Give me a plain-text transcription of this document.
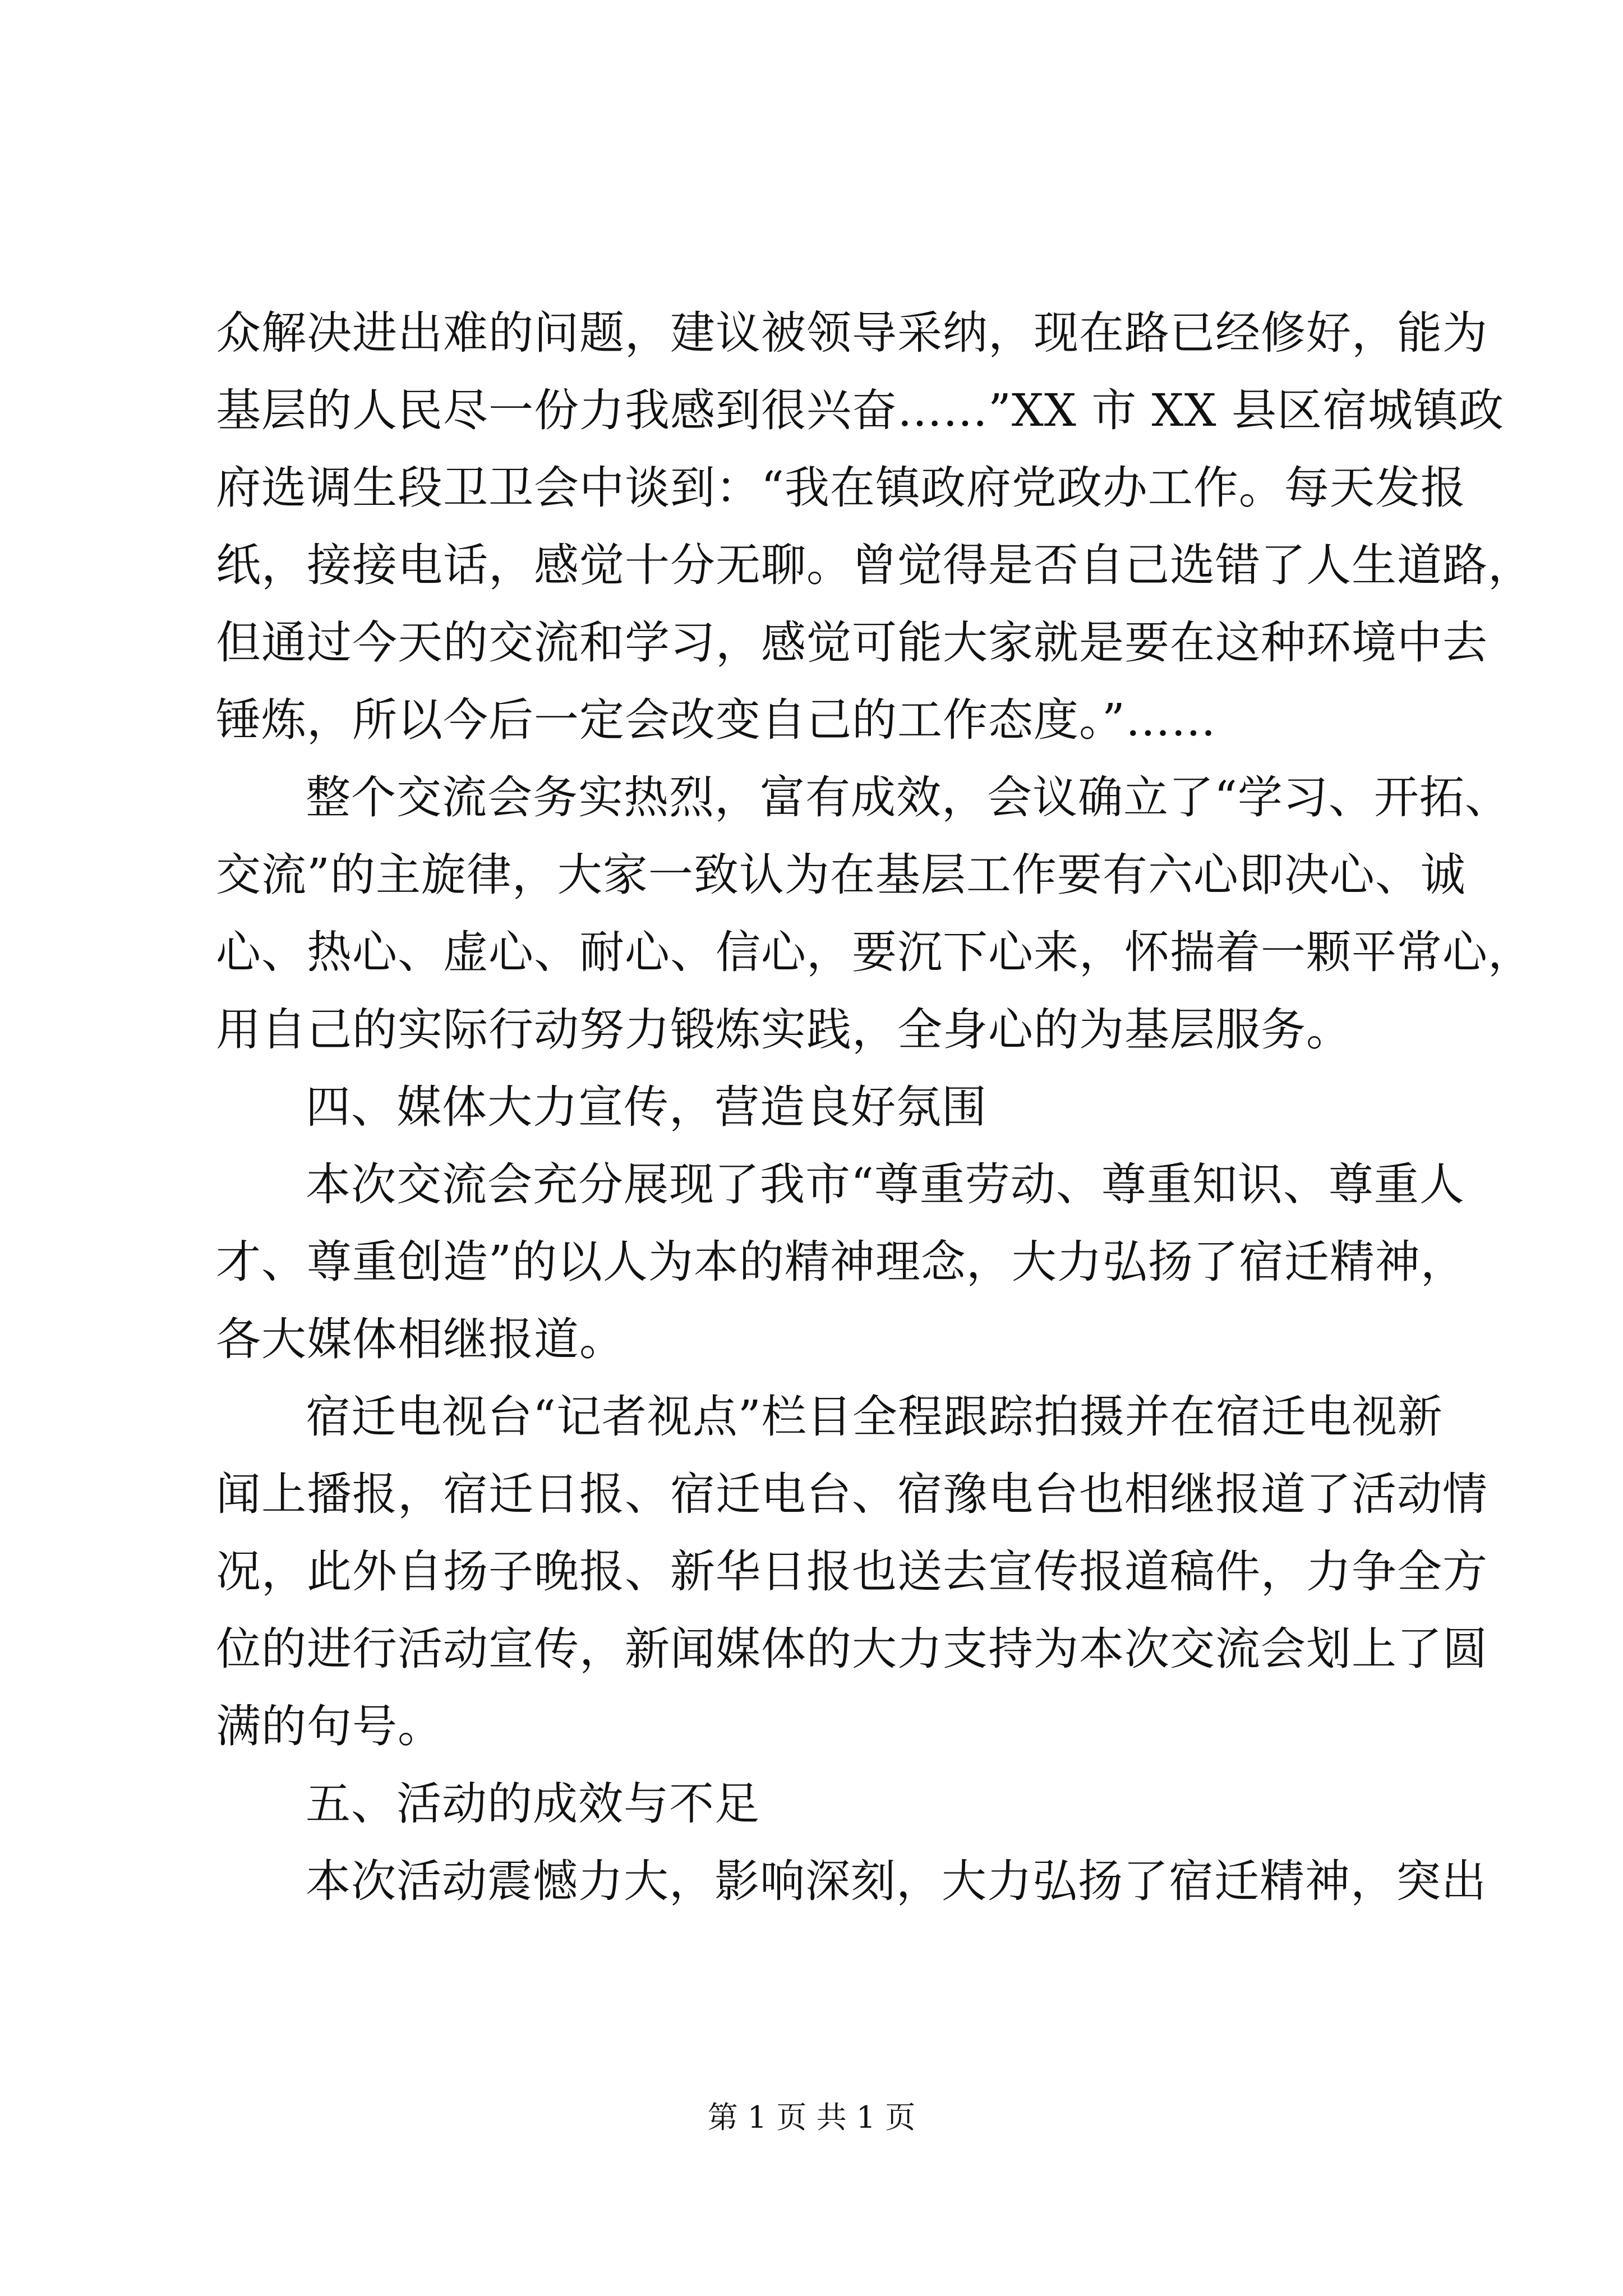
众解决进出难的问题，建议被领导采纳，现在路已经修好，能为
基层的人民尽一份力我感到很兴奋……”XX 市 XX 县区宿城镇政
府选调生段卫卫会中谈到：“我在镇政府党政办工作。每天发报
纸，接接电话，感觉十分无聊。曾觉得是否自己选错了人生道路，
但通过今天的交流和学习，感觉可能大家就是要在这种环境中去
锤炼，所以今后一定会改变自己的工作态度。”……
整个交流会务实热烈，富有成效，会议确立了“学习、开拓、
交流”的主旋律，大家一致认为在基层工作要有六心即决心、诚
心、热心、虚心、耐心、信心，要沉下心来，怀揣着一颗平常心，
用自己的实际行动努力锻炼实践，全身心的为基层服务。
四、媒体大力宣传，营造良好氛围
本次交流会充分展现了我市“尊重劳动、尊重知识、尊重人
才、尊重创造”的以人为本的精神理念，大力弘扬了宿迁精神，
各大媒体相继报道。
宿迁电视台“记者视点”栏目全程跟踪拍摄并在宿迁电视新
闻上播报，宿迁日报、宿迁电台、宿豫电台也相继报道了活动情
况，此外自扬子晚报、新华日报也送去宣传报道稿件，力争全方
位的进行活动宣传，新闻媒体的大力支持为本次交流会划上了圆
满的句号。
五、活动的成效与不足
本次活动震憾力大，影响深刻，大力弘扬了宿迁精神，突出
第 1 页 共 1 页
